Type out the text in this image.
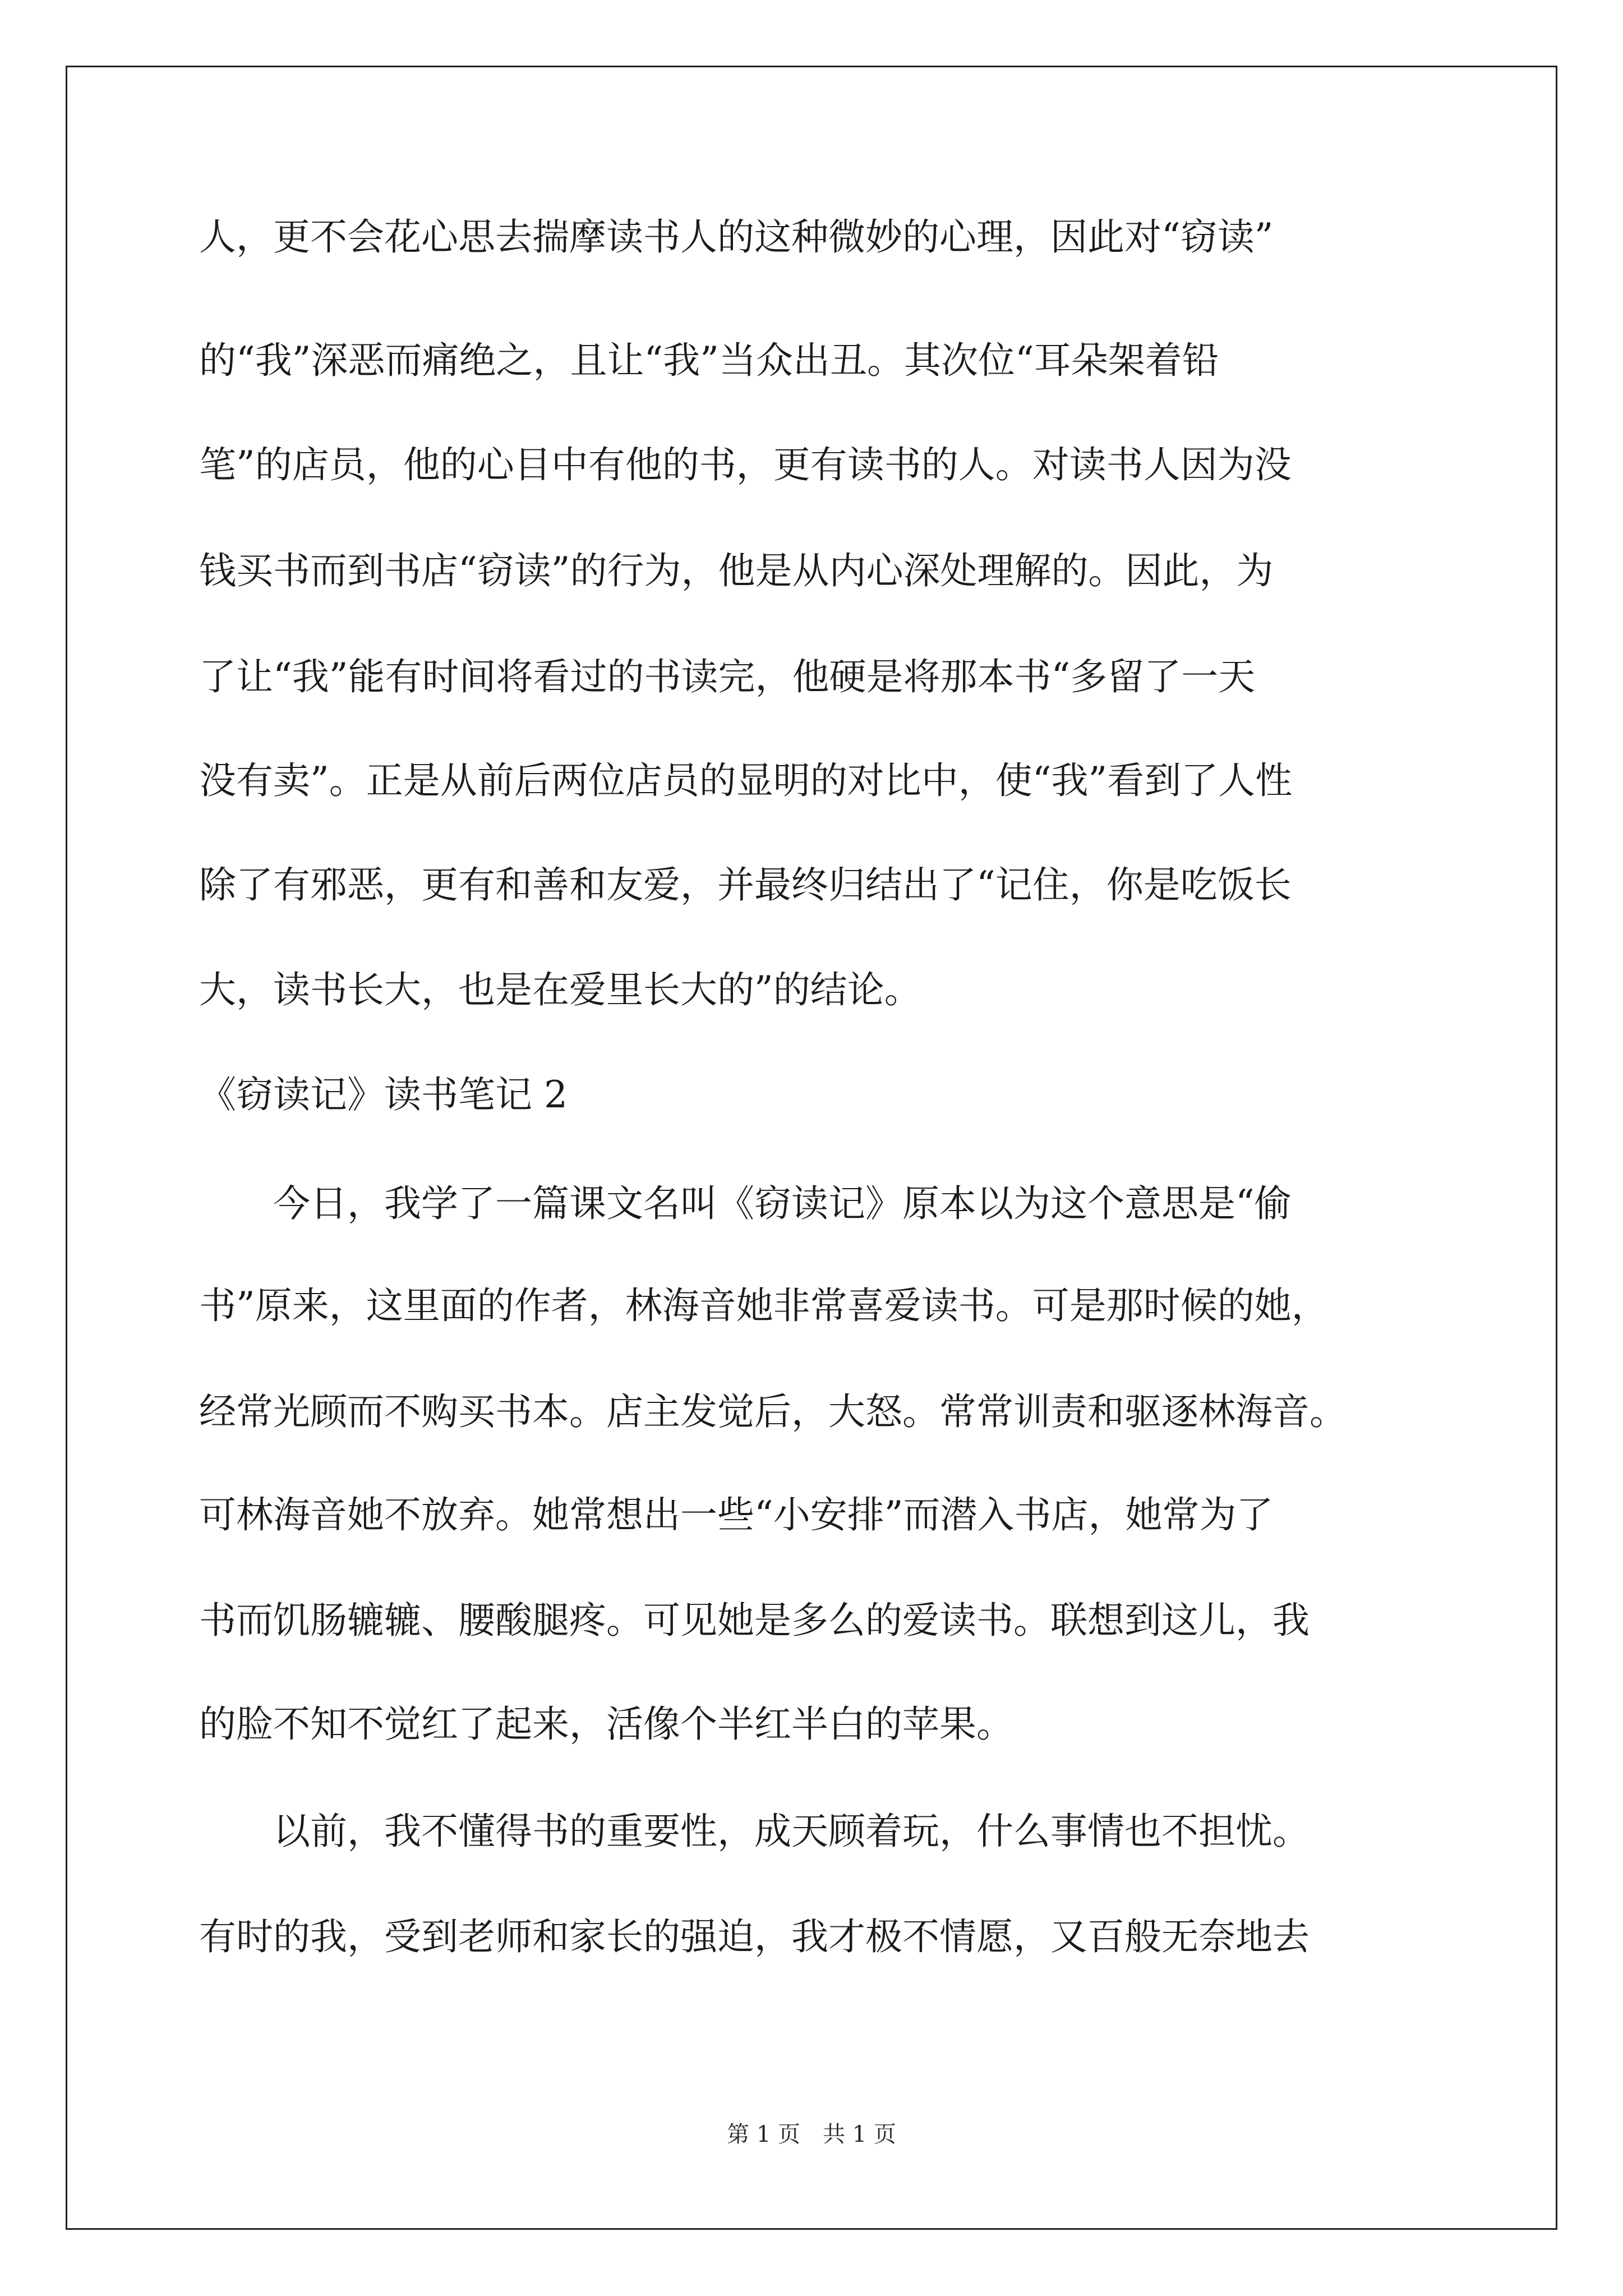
人，更不会花心思去揣摩读书人的这种微妙的心理，因此对“窃读”
的“我”深恶而痛绝之，且让“我”当众出丑。其次位“耳朵架着铅
笔”的店员，他的心目中有他的书，更有读书的人。对读书人因为没
钱买书而到书店“窃读”的行为，他是从内心深处理解的。因此，为
了让“我”能有时间将看过的书读完，他硬是将那本书“多留了一天
没有卖”。正是从前后两位店员的显明的对比中，使“我”看到了人性
除了有邪恶，更有和善和友爱，并最终归结出了“记住，你是吃饭长
大，读书长大，也是在爱里长大的”的结论。
《窃读记》读书笔记 2
　　今日，我学了一篇课文名叫《窃读记》原本以为这个意思是“偷
书”原来，这里面的作者，林海音她非常喜爱读书。可是那时候的她，
经常光顾而不购买书本。店主发觉后，大怒。常常训责和驱逐林海音。
可林海音她不放弃。她常想出一些“小安排”而潜入书店，她常为了
书而饥肠辘辘、腰酸腿疼。可见她是多么的爱读书。联想到这儿，我
的脸不知不觉红了起来，活像个半红半白的苹果。
　　以前，我不懂得书的重要性，成天顾着玩，什么事情也不担忧。
有时的我，受到老师和家长的强迫，我才极不情愿，又百般无奈地去
第 1 页　共 1 页
